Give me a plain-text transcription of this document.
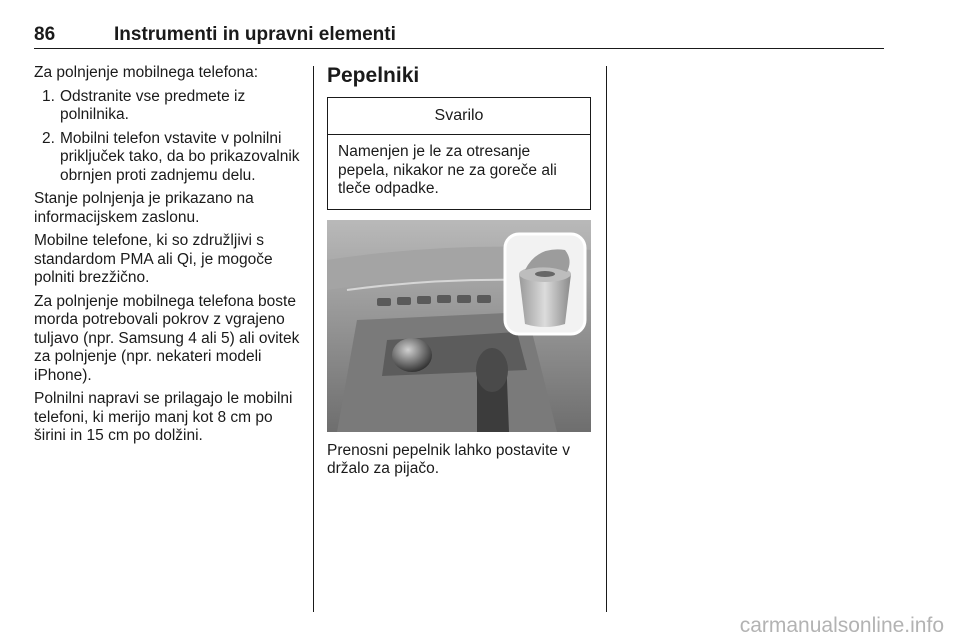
86	Instrumenti in upravni elementi

Za polnjenje mobilnega telefona:

1. Odstranite vse predmete iz polnilnika.
2. Mobilni telefon vstavite v polnilni priključek tako, da bo prikazovalnik obrnjen proti zadnjemu delu.

Stanje polnjenja je prikazano na informacijskem zaslonu.

Mobilne telefone, ki so združljivi s standardom PMA ali Qi, je mogoče polniti brezžično.

Za polnjenje mobilnega telefona boste morda potrebovali pokrov z vgrajeno tuljavo (npr. Samsung 4 ali 5) ali ovitek za polnjenje (npr. nekateri modeli iPhone).

Polnilni napravi se prilagajo le mobilni telefoni, ki merijo manj kot 8 cm po širini in 15 cm po dolžini.

Pepelniki
Svarilo
Namenjen je le za otresanje pepela, nikakor ne za goreče ali tleče odpadke.
Prenosni pepelnik lahko postavite v držalo za pijačo.
carmanualsonline.info
